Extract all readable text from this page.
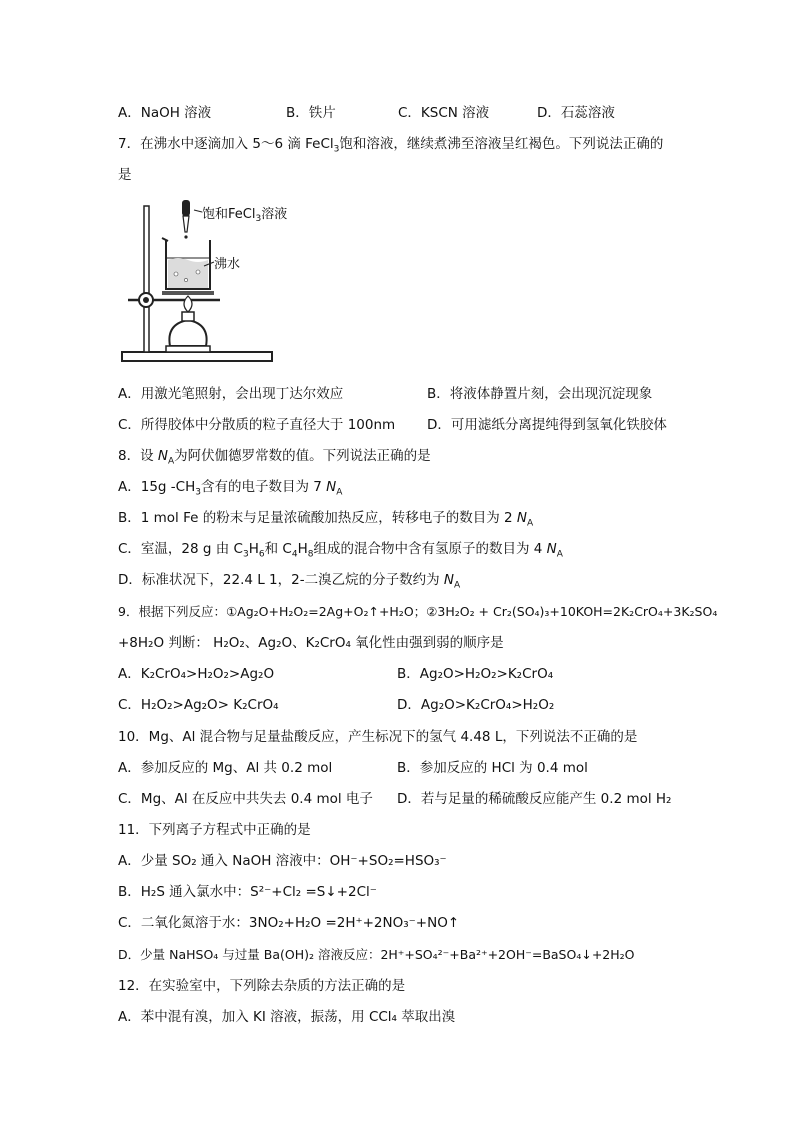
A．NaOH 溶液	B．铁片	C．KSCN 溶液	D．石蕊溶液
7．在沸水中逐滴加入 5～6 滴 FeCl$_3$饱和溶液，继续煮沸至溶液呈红褐色。下列说法正确的
是
饱和FeCl$_3$溶液
沸水
A．用激光笔照射，会出现丁达尔效应	B．将液体静置片刻，会出现沉淀现象
C．所得胶体中分散质的粒子直径大于 100nm D．可用滤纸分离提纯得到氢氧化铁胶体
8．设 $N_A$为阿伏伽德罗常数的值。下列说法正确的是
A．15g $-CH_3$含有的电子数目为 7 $N_A$
B．1 mol Fe 的粉末与足量浓硫酸加热反应，转移电子的数目为 2 $N_A$
C．室温，28 g 由 $C_3H_6$和 $C_4H_8$组成的混合物中含有氢原子的数目为 4 $N_A$
D．标准状况下，22.4 L 1，2-二溴乙烷的分子数约为 $N_A$
9．根据下列反应：①Ag₂O+H₂O₂=2Ag+O₂↑+H₂O；②3H₂O₂ + Cr₂(SO₄)₃+10KOH=2K₂CrO₄+3K₂SO₄
+8H₂O 判断： H₂O₂、Ag₂O、K₂CrO₄ 氧化性由强到弱的顺序是
A．K₂CrO₄>H₂O₂>Ag₂O	B．Ag₂O>H₂O₂>K₂CrO₄
C．H₂O₂>Ag₂O> K₂CrO₄	D．Ag₂O>K₂CrO₄>H₂O₂
10．Mg、Al 混合物与足量盐酸反应，产生标况下的氢气 4.48 L，下列说法不正确的是
A．参加反应的 Mg、Al 共 0.2 mol	B．参加反应的 HCl 为 0.4 mol
C．Mg、Al 在反应中共失去 0.4 mol 电子 D．若与足量的稀硫酸反应能产生 0.2 mol H₂
11．下列离子方程式中正确的是
A．少量 SO₂ 通入 NaOH 溶液中：OH⁻+SO₂=HSO₃⁻
B．H₂S 通入氯水中：S²⁻+Cl₂ =S↓+2Cl⁻
C．二氧化氮溶于水：3NO₂+H₂O =2H⁺+2NO₃⁻+NO↑
D．少量 NaHSO₄ 与过量 Ba(OH)₂ 溶液反应：2H⁺+SO₄²⁻+Ba²⁺+2OH⁻=BaSO₄↓+2H₂O
12．在实验室中，下列除去杂质的方法正确的是
A．苯中混有溴，加入 KI 溶液，振荡，用 CCl₄ 萃取出溴
